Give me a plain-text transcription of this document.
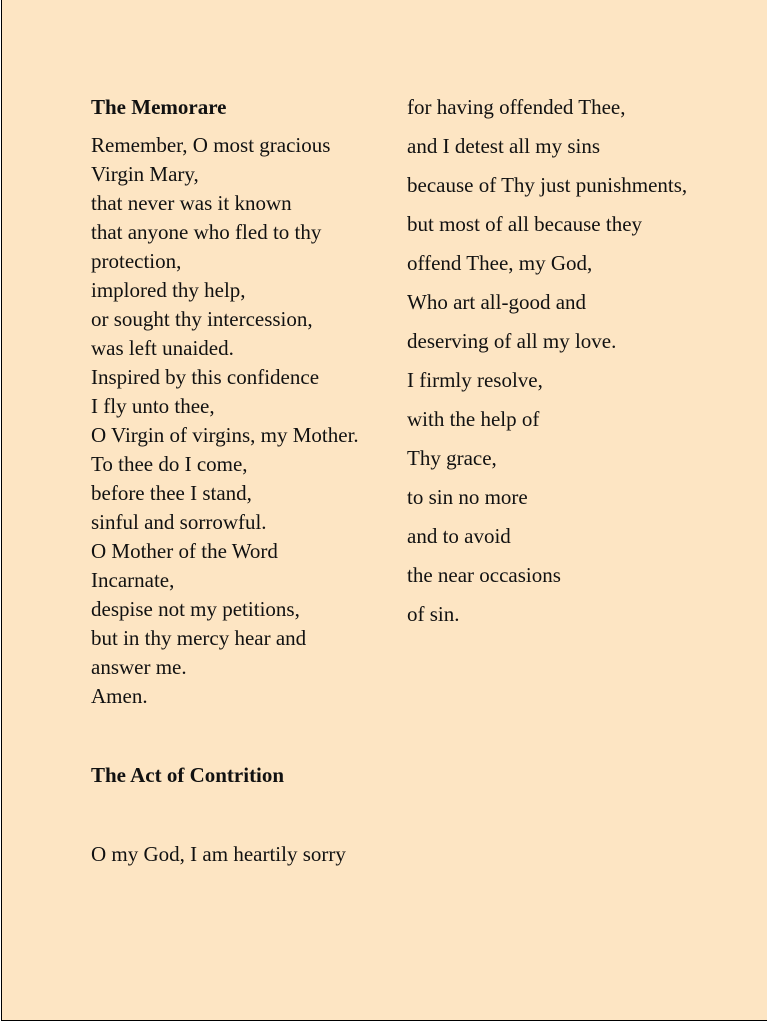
The Memorare
Remember, O most gracious Virgin Mary,
that never was it known
that anyone who fled to thy protection,
implored thy help,
or sought thy intercession,
was left unaided.
Inspired by this confidence
I fly unto thee,
O Virgin of virgins, my Mother.
To thee do I come,
before thee I stand,
sinful and sorrowful.
O Mother of the Word Incarnate,
despise not my petitions,
but in thy mercy hear and answer me.
Amen.
The Act of Contrition
O my God, I am heartily sorry
for having offended Thee,
and I detest all my sins
because of Thy just punishments,
but most of all because they
offend Thee, my God,
Who art all-good and
deserving of all my love.
I firmly resolve,
with the help of
Thy grace,
to sin no more
and to avoid
the near occasions
of sin.
